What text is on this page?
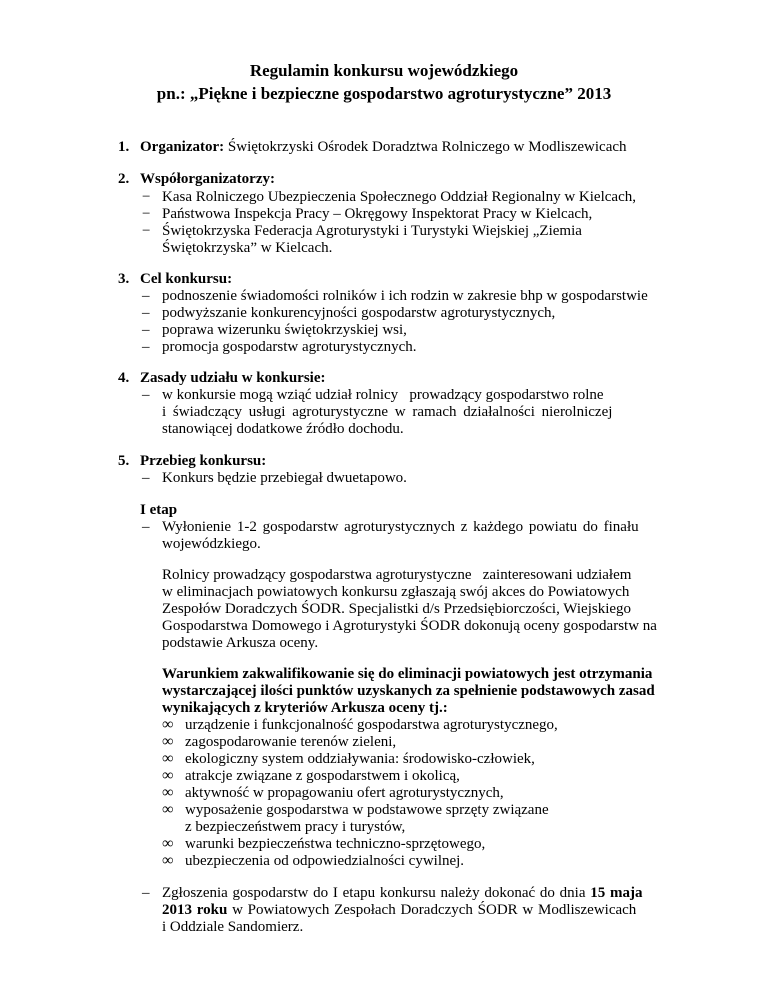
Regulamin konkursu wojewódzkiego
pn.: „Piękne i bezpieczne gospodarstwo agroturystyczne” 2013
1. Organizator: Świętokrzyski Ośrodek Doradztwa Rolniczego w Modliszewicach
2. Współorganizatorzy:
− Kasa Rolniczego Ubezpieczenia Społecznego Oddział Regionalny w Kielcach,
− Państwowa Inspekcja Pracy – Okręgowy Inspektorat Pracy w Kielcach,
− Świętokrzyska Federacja Agroturystyki i Turystyki Wiejskiej „Ziemia
Świętokrzyska” w Kielcach.
3. Cel konkursu:
– podnoszenie świadomości rolników i ich rodzin w zakresie bhp w gospodarstwie
– podwyższanie konkurencyjności gospodarstw agroturystycznych,
– poprawa wizerunku świętokrzyskiej wsi,
– promocja gospodarstw agroturystycznych.
4. Zasady udziału w konkursie:
– w konkursie mogą wziąć udział rolnicy   prowadzący gospodarstwo rolne
i świadczący usługi agroturystyczne w ramach działalności nierolniczej
stanowiącej dodatkowe źródło dochodu.
5. Przebieg konkursu:
– Konkurs będzie przebiegał dwuetapowo.
I etap
– Wyłonienie 1-2 gospodarstw agroturystycznych z każdego powiatu do finału
wojewódzkiego.
Rolnicy prowadzący gospodarstwa agroturystyczne   zainteresowani udziałem
w eliminacjach powiatowych konkursu zgłaszają swój akces do Powiatowych
Zespołów Doradczych ŚODR. Specjalistki d/s Przedsiębiorczości, Wiejskiego
Gospodarstwa Domowego i Agroturystyki ŚODR dokonują oceny gospodarstw na
podstawie Arkusza oceny.
Warunkiem zakwalifikowanie się do eliminacji powiatowych jest otrzymania
wystarczającej ilości punktów uzyskanych za spełnienie podstawowych zasad
wynikających z kryteriów Arkusza oceny tj.:
∞ urządzenie i funkcjonalność gospodarstwa agroturystycznego,
∞ zagospodarowanie terenów zieleni,
∞ ekologiczny system oddziaływania: środowisko-człowiek,
∞ atrakcje związane z gospodarstwem i okolicą,
∞ aktywność w propagowaniu ofert agroturystycznych,
∞ wyposażenie gospodarstwa w podstawowe sprzęty związane
z bezpieczeństwem pracy i turystów,
∞ warunki bezpieczeństwa techniczno-sprzętowego,
∞ ubezpieczenia od odpowiedzialności cywilnej.
– Zgłoszenia gospodarstw do I etapu konkursu należy dokonać do dnia 15 maja
2013 roku w Powiatowych Zespołach Doradczych ŚODR w Modliszewicach
i Oddziale Sandomierz.
